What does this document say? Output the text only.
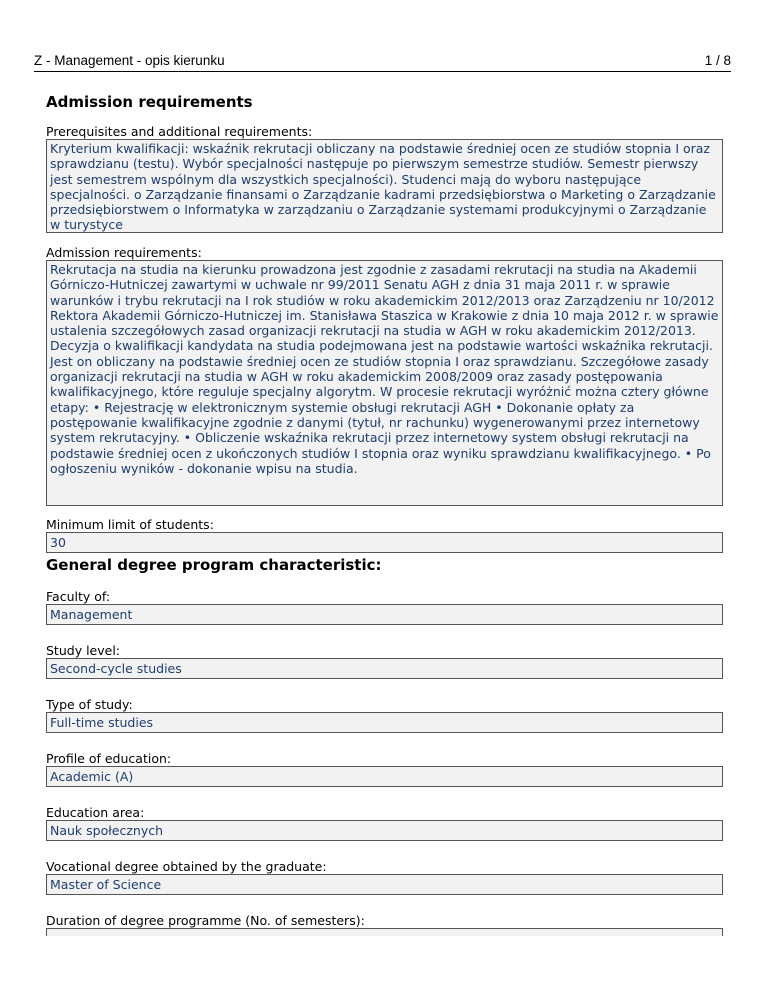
Z - Management - opis kierunku	1 / 8
Admission requirements
Prerequisites and additional requirements:
Kryterium kwalifikacji: wskaźnik rekrutacji obliczany na podstawie średniej ocen ze studiów stopnia I oraz sprawdzianu (testu). Wybór specjalności następuje po pierwszym semestrze studiów. Semestr pierwszy jest semestrem wspólnym dla wszystkich specjalności). Studenci mają do wyboru następujące specjalności. o Zarządzanie finansami o Zarządzanie kadrami przedsiębiorstwa o Marketing o Zarządzanie przedsiębiorstwem o Informatyka w zarządzaniu o Zarządzanie systemami produkcyjnymi o Zarządzanie w turystyce
Admission requirements:
Rekrutacja na studia na kierunku prowadzona jest zgodnie z zasadami rekrutacji na studia na Akademii Górniczo-Hutniczej zawartymi w uchwale nr 99/2011 Senatu AGH z dnia 31 maja 2011 r. w sprawie warunków i trybu rekrutacji na I rok studiów w roku akademickim 2012/2013 oraz Zarządzeniu nr 10/2012 Rektora Akademii Górniczo-Hutniczej im. Stanisława Staszica w Krakowie z dnia 10 maja 2012 r. w sprawie ustalenia szczegółowych zasad organizacji rekrutacji na studia w AGH w roku akademickim 2012/2013. Decyzja o kwalifikacji kandydata na studia podejmowana jest na podstawie wartości wskaźnika rekrutacji. Jest on obliczany na podstawie średniej ocen ze studiów stopnia I oraz sprawdzianu. Szczegółowe zasady organizacji rekrutacji na studia w AGH w roku akademickim 2008/2009 oraz zasady postępowania kwalifikacyjnego, które reguluje specjalny algorytm. W procesie rekrutacji wyróżnić można cztery główne etapy: • Rejestrację w elektronicznym systemie obsługi rekrutacji AGH • Dokonanie opłaty za postępowanie kwalifikacyjne zgodnie z danymi (tytuł, nr rachunku) wygenerowanymi przez internetowy system rekrutacyjny. • Obliczenie wskaźnika rekrutacji przez internetowy system obsługi rekrutacji na podstawie średniej ocen z ukończonych studiów I stopnia oraz wyniku sprawdzianu kwalifikacyjnego. • Po ogłoszeniu wyników - dokonanie wpisu na studia.
Minimum limit of students:
30
General degree program characteristic:
Faculty of:
Management
Study level:
Second-cycle studies
Type of study:
Full-time studies
Profile of education:
Academic (A)
Education area:
Nauk społecznych
Vocational degree obtained by the graduate:
Master of Science
Duration of degree programme (No. of semesters):
